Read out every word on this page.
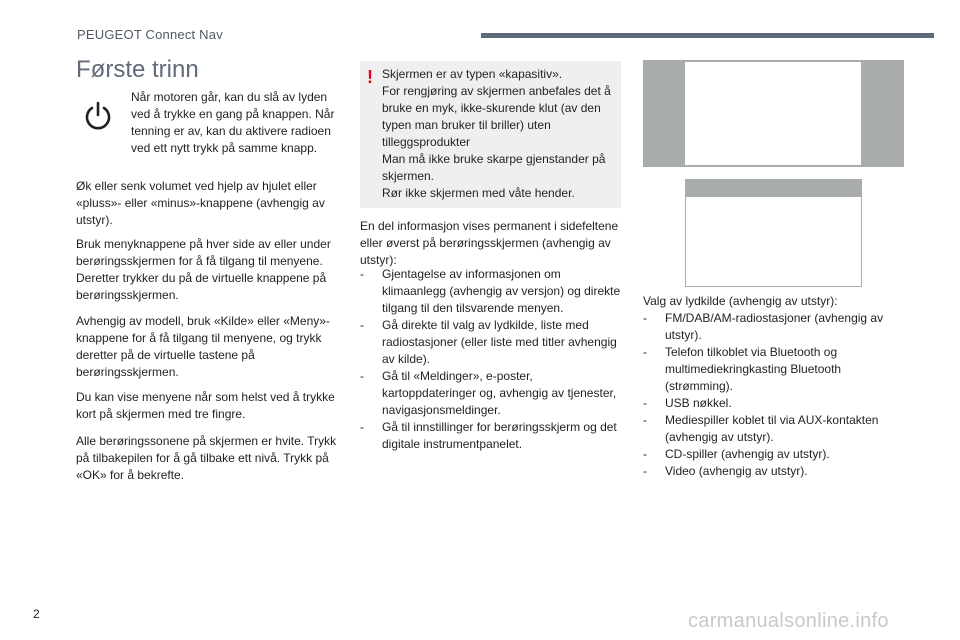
PEUGEOT Connect Nav
Første trinn

Når motoren går, kan du slå av lyden ved å trykke en gang på knappen. Når tenning er av, kan du aktivere radioen ved ett nytt trykk på samme knapp.

Øk eller senk volumet ved hjelp av hjulet eller «pluss»- eller «minus»-knappene (avhengig av utstyr).

Bruk menyknappene på hver side av eller under berøringsskjermen for å få tilgang til menyene. Deretter trykker du på de virtuelle knappene på berøringsskjermen.

Avhengig av modell, bruk «Kilde» eller «Meny»-knappene for å få tilgang til menyene, og trykk deretter på de virtuelle tastene på berøringsskjermen.

Du kan vise menyene når som helst ved å trykke kort på skjermen med tre fingre.

Alle berøringssonene på skjermen er hvite. Trykk på tilbakepilen for å gå tilbake ett nivå. Trykk på «OK» for å bekrefte.

! Skjermen er av typen «kapasitiv».
For rengjøring av skjermen anbefales det å bruke en myk, ikke-skurende klut (av den typen man bruker til briller) uten tilleggsprodukter
Man må ikke bruke skarpe gjenstander på skjermen.
Rør ikke skjermen med våte hender.

En del informasjon vises permanent i sidefeltene eller øverst på berøringsskjermen (avhengig av utstyr):

- Gjentagelse av informasjonen om klimaanlegg (avhengig av versjon) og direkte tilgang til den tilsvarende menyen.
- Gå direkte til valg av lydkilde, liste med radiostasjoner (eller liste med titler avhengig av kilde).
- Gå til «Meldinger», e-poster, kartoppdateringer og, avhengig av tjenester, navigasjonsmeldinger.
- Gå til innstillinger for berøringsskjerm og det digitale instrumentpanelet.

Valg av lydkilde (avhengig av utstyr):

- FM/DAB/AM-radiostasjoner (avhengig av utstyr).
- Telefon tilkoblet via Bluetooth og multimediekringkasting Bluetooth (strømming).
- USB nøkkel.
- Mediespiller koblet til via AUX-kontakten (avhengig av utstyr).
- CD-spiller (avhengig av utstyr).
- Video (avhengig av utstyr).
2	carmanualsonline.info
